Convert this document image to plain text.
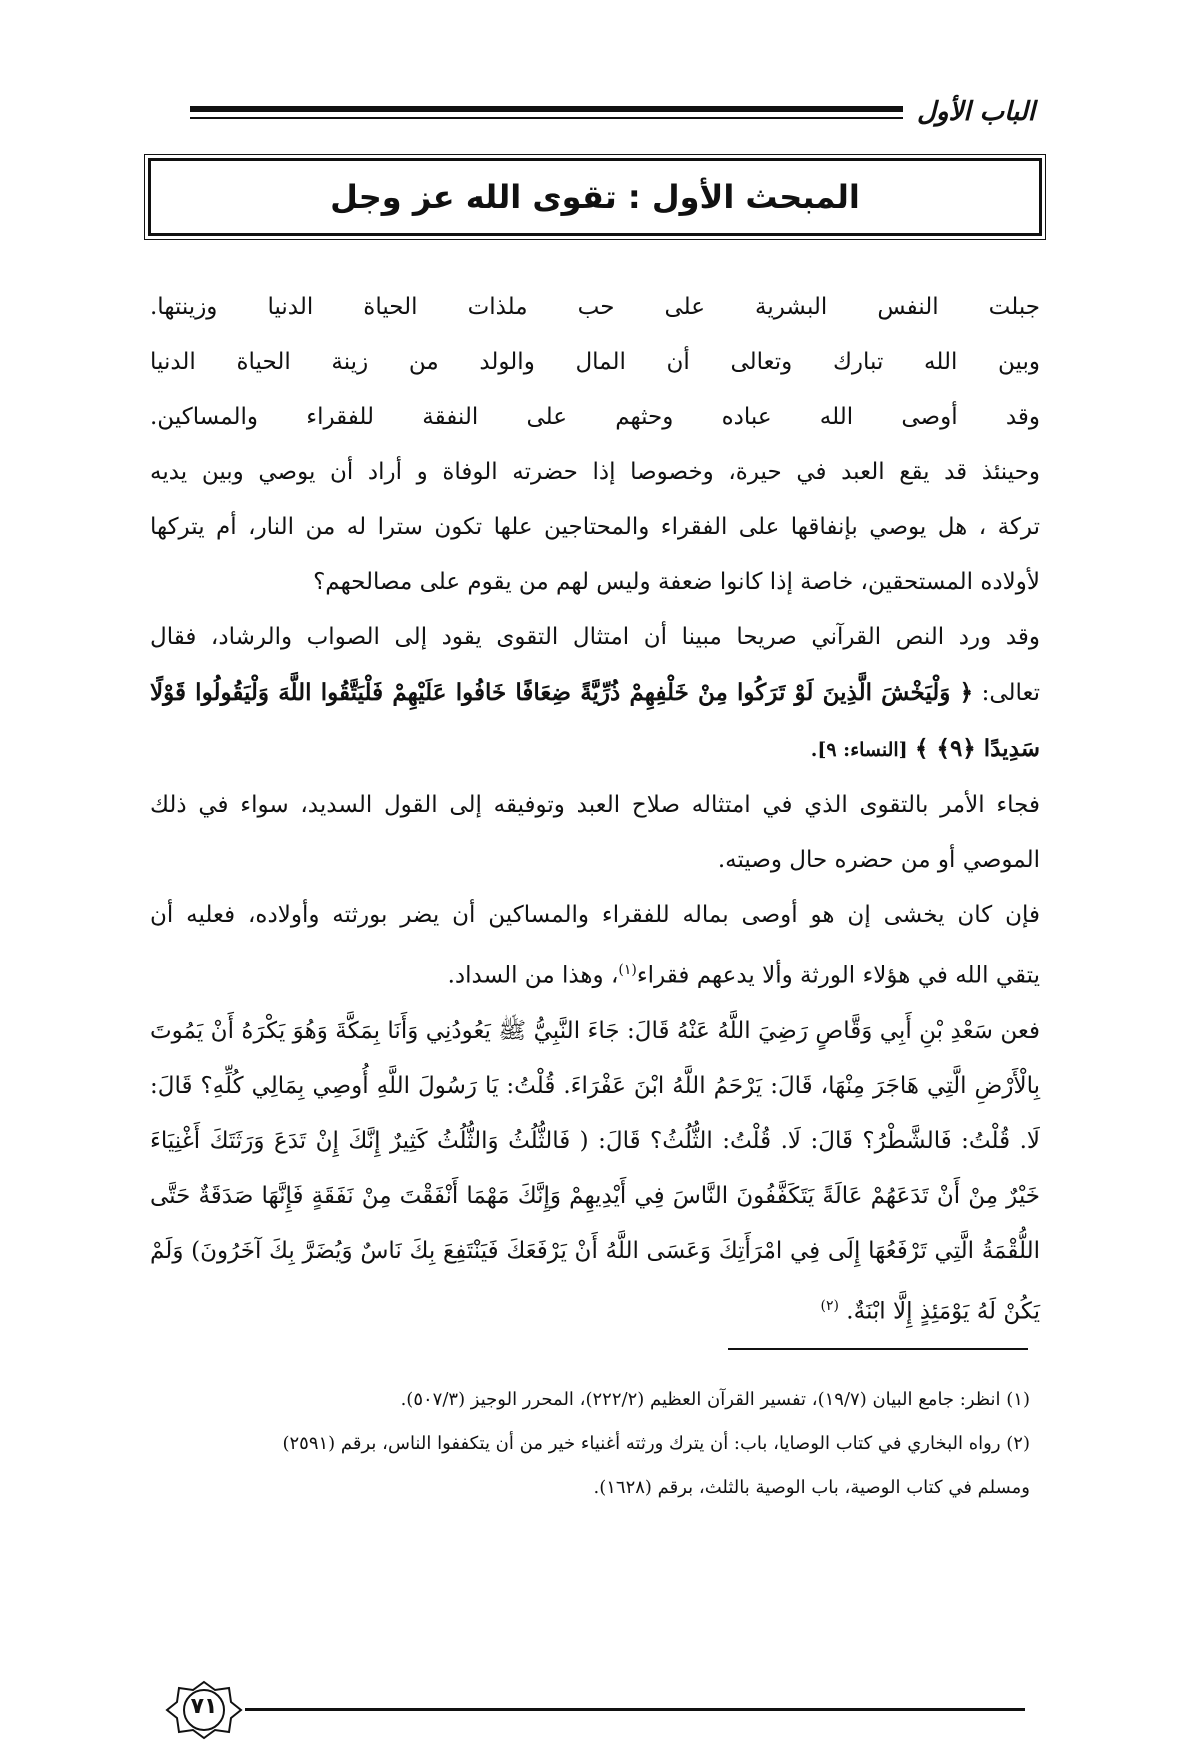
الباب الأول
المبحث الأول : تقوى الله عز وجل

جبلت النفس البشرية على حب ملذات الحياة الدنيا وزينتها.

وبين الله تبارك وتعالى أن المال والولد من زينة الحياة الدنيا

وقد أوصى الله عباده وحثهم على النفقة للفقراء والمساكين.

وحينئذ قد يقع العبد في حيرة، وخصوصا إذا حضرته الوفاة و أراد أن يوصي وبين يديه

تركة ، هل يوصي بإنفاقها على الفقراء والمحتاجين علها تكون سترا له من النار، أم يتركها

لأولاده المستحقين، خاصة إذا كانوا ضعفة وليس لهم من يقوم على مصالحهم؟

وقد ورد النص القرآني صريحا مبينا أن امتثال التقوى يقود إلى الصواب والرشاد، فقال

تعالى: ﴿ وَلْيَخْشَ الَّذِينَ لَوْ تَرَكُوا مِنْ خَلْفِهِمْ ذُرِّيَّةً ضِعَافًا خَافُوا عَلَيْهِمْ فَلْيَتَّقُوا اللَّهَ وَلْيَقُولُوا قَوْلًا سَدِيدًا ﴿٩﴾ ﴾ [النساء: ٩].

فجاء الأمر بالتقوى الذي في امتثاله صلاح العبد وتوفيقه إلى القول السديد، سواء في ذلك

الموصي أو من حضره حال وصيته.

فإن كان يخشى إن هو أوصى بماله للفقراء والمساكين أن يضر بورثته وأولاده، فعليه أن

يتقي الله في هؤلاء الورثة وألا يدعهم فقراء$^{(١)}$، وهذا من السداد.

فعن سَعْدِ بْنِ أَبِي وَقَّاصٍ رَضِيَ اللَّهُ عَنْهُ قَالَ: جَاءَ النَّبِيُّ ﷺ يَعُودُنِي وَأَنَا بِمَكَّةَ وَهُوَ يَكْرَهُ أَنْ يَمُوتَ بِالْأَرْضِ الَّتِي هَاجَرَ مِنْهَا، قَالَ: يَرْحَمُ اللَّهُ ابْنَ عَفْرَاءَ. قُلْتُ: يَا رَسُولَ اللَّهِ أُوصِي بِمَالِي كُلِّهِ؟ قَالَ: لَا. قُلْتُ: فَالشَّطْرُ؟ قَالَ: لَا. قُلْتُ: الثُّلُثُ؟ قَالَ: ( فَالثُّلُثُ وَالثُّلُثُ كَثِيرٌ إِنَّكَ إِنْ تَدَعَ وَرَثَتَكَ أَغْنِيَاءَ خَيْرٌ مِنْ أَنْ تَدَعَهُمْ عَالَةً يَتَكَفَّفُونَ النَّاسَ فِي أَيْدِيهِمْ وَإِنَّكَ مَهْمَا أَنْفَقْتَ مِنْ نَفَقَةٍ فَإِنَّهَا صَدَقَةٌ حَتَّى اللُّقْمَةُ الَّتِي تَرْفَعُهَا إِلَى فِي امْرَأَتِكَ وَعَسَى اللَّهُ أَنْ يَرْفَعَكَ فَيَنْتَفِعَ بِكَ نَاسٌ وَيُضَرَّ بِكَ آخَرُونَ) وَلَمْ يَكُنْ لَهُ يَوْمَئِذٍ إِلَّا ابْنَةٌ. $^{(٢)}$

(١) انظر: جامع البيان (١٩/٧)، تفسير القرآن العظيم (٢٢٢/٢)، المحرر الوجيز (٥٠٧/٣).

(٢) رواه البخاري في كتاب الوصايا، باب: أن يترك ورثته أغنياء خير من أن يتكففوا الناس، برقم (٢٥٩١)

ومسلم في كتاب الوصية، باب الوصية بالثلث، برقم (١٦٢٨).

٧١
